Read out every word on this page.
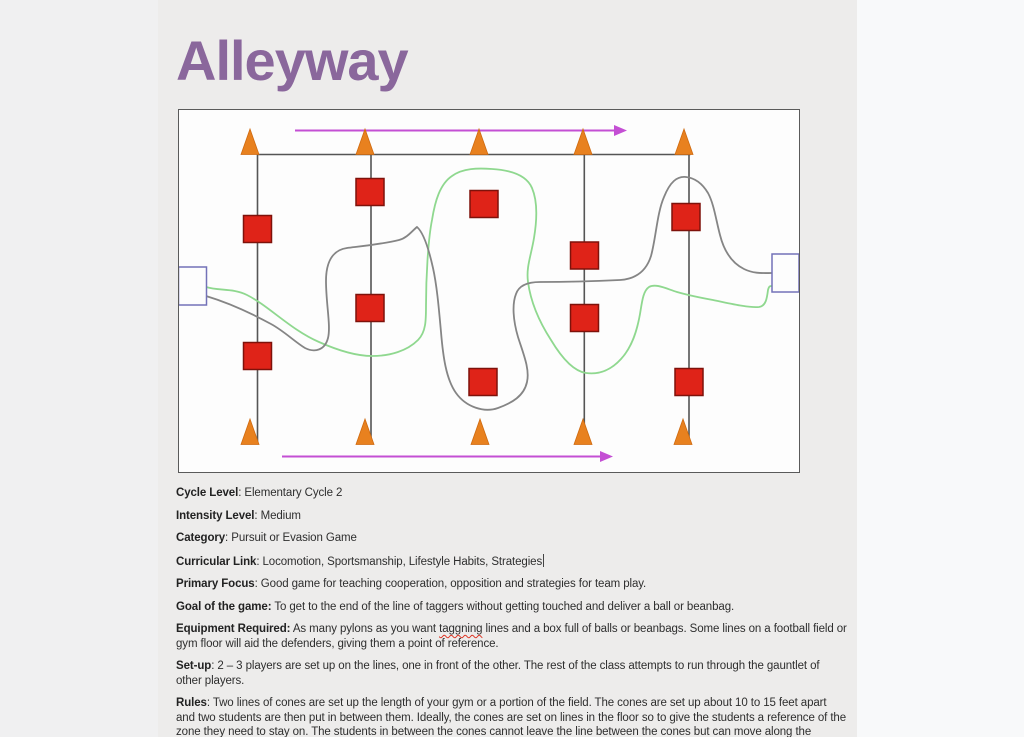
Alleyway

Cycle Level: Elementary Cycle 2

Intensity Level: Medium

Category: Pursuit or Evasion Game

Curricular Link: Locomotion, Sportsmanship, Lifestyle Habits, Strategies

Primary Focus: Good game for teaching cooperation, opposition and strategies for team play.

Goal of the game: To get to the end of the line of taggers without getting touched and deliver a ball or beanbag.

Equipment Required: As many pylons as you want taggning lines and a box full of balls or beanbags. Some lines on a football field or gym floor will aid the defenders, giving them a point of reference.

Set-up: 2 – 3 players are set up on the lines, one in front of the other. The rest of the class attempts to run through the gauntlet of other players.

Rules: Two lines of cones are set up the length of your gym or a portion of the field. The cones are set up about 10 to 15 feet apart and two students are then put in between them. Ideally, the cones are set on lines in the floor so to give the students a reference of the zone they need to stay on. The students in between the cones cannot leave the line between the cones but can move along the
